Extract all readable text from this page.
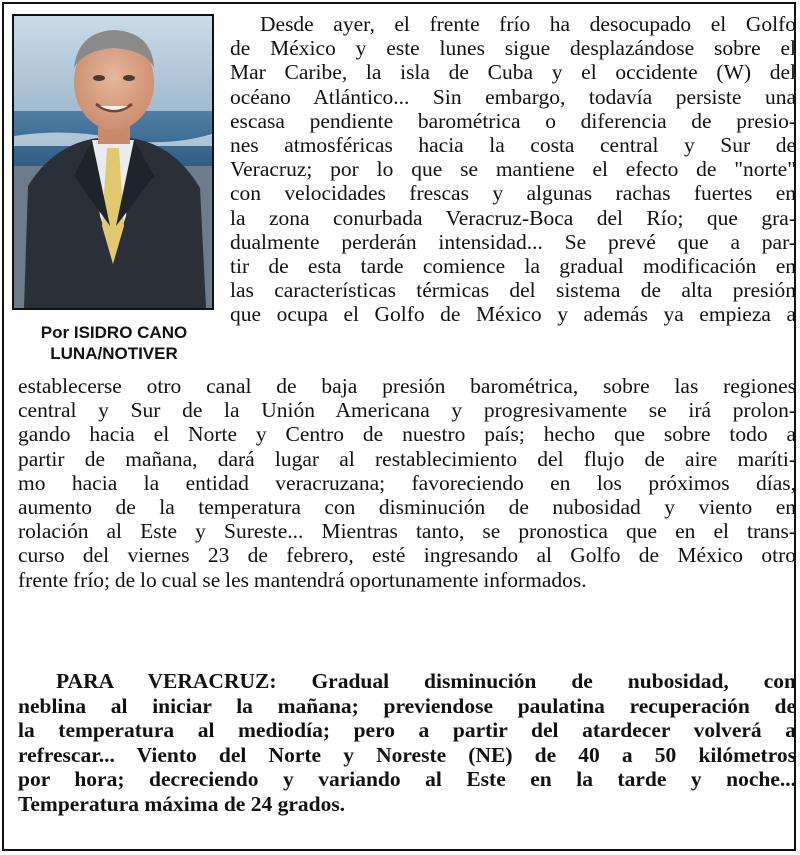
Por ISIDRO CANO
LUNA/NOTIVER
Desde ayer, el frente frío ha desocupado el Golfo
de México y este lunes sigue desplazándose sobre el
Mar Caribe, la isla de Cuba y el occidente (W) del
océano Atlántico... Sin embargo, todavía persiste una
escasa pendiente barométrica o diferencia de presio-
nes atmosféricas hacia la costa central y Sur de
Veracruz; por lo que se mantiene el efecto de "norte"
con velocidades frescas y algunas rachas fuertes en
la zona conurbada Veracruz-Boca del Río; que gra-
dualmente perderán intensidad... Se prevé que a par-
tir de esta tarde comience la gradual modificación en
las características térmicas del sistema de alta presión
que ocupa el Golfo de México y además ya empieza a
establecerse otro canal de baja presión barométrica, sobre las regiones
central y Sur de la Unión Americana y progresivamente se irá prolon-
gando hacia el Norte y Centro de nuestro país; hecho que sobre todo a
partir de mañana, dará lugar al restablecimiento del flujo de aire maríti-
mo hacia la entidad veracruzana; favoreciendo en los próximos días,
aumento de la temperatura con disminución de nubosidad y viento en
rolación al Este y Sureste... Mientras tanto, se pronostica que en el trans-
curso del viernes 23 de febrero, esté ingresando al Golfo de México otro
frente frío; de lo cual se les mantendrá oportunamente informados.
PARA VERACRUZ: Gradual disminución de nubosidad, con
neblina al iniciar la mañana; previendose paulatina recuperación de
la temperatura al mediodía; pero a partir del atardecer volverá a
refrescar... Viento del Norte y Noreste (NE) de 40 a 50 kilómetros
por hora; decreciendo y variando al Este en la tarde y noche...
Temperatura máxima de 24 grados.
